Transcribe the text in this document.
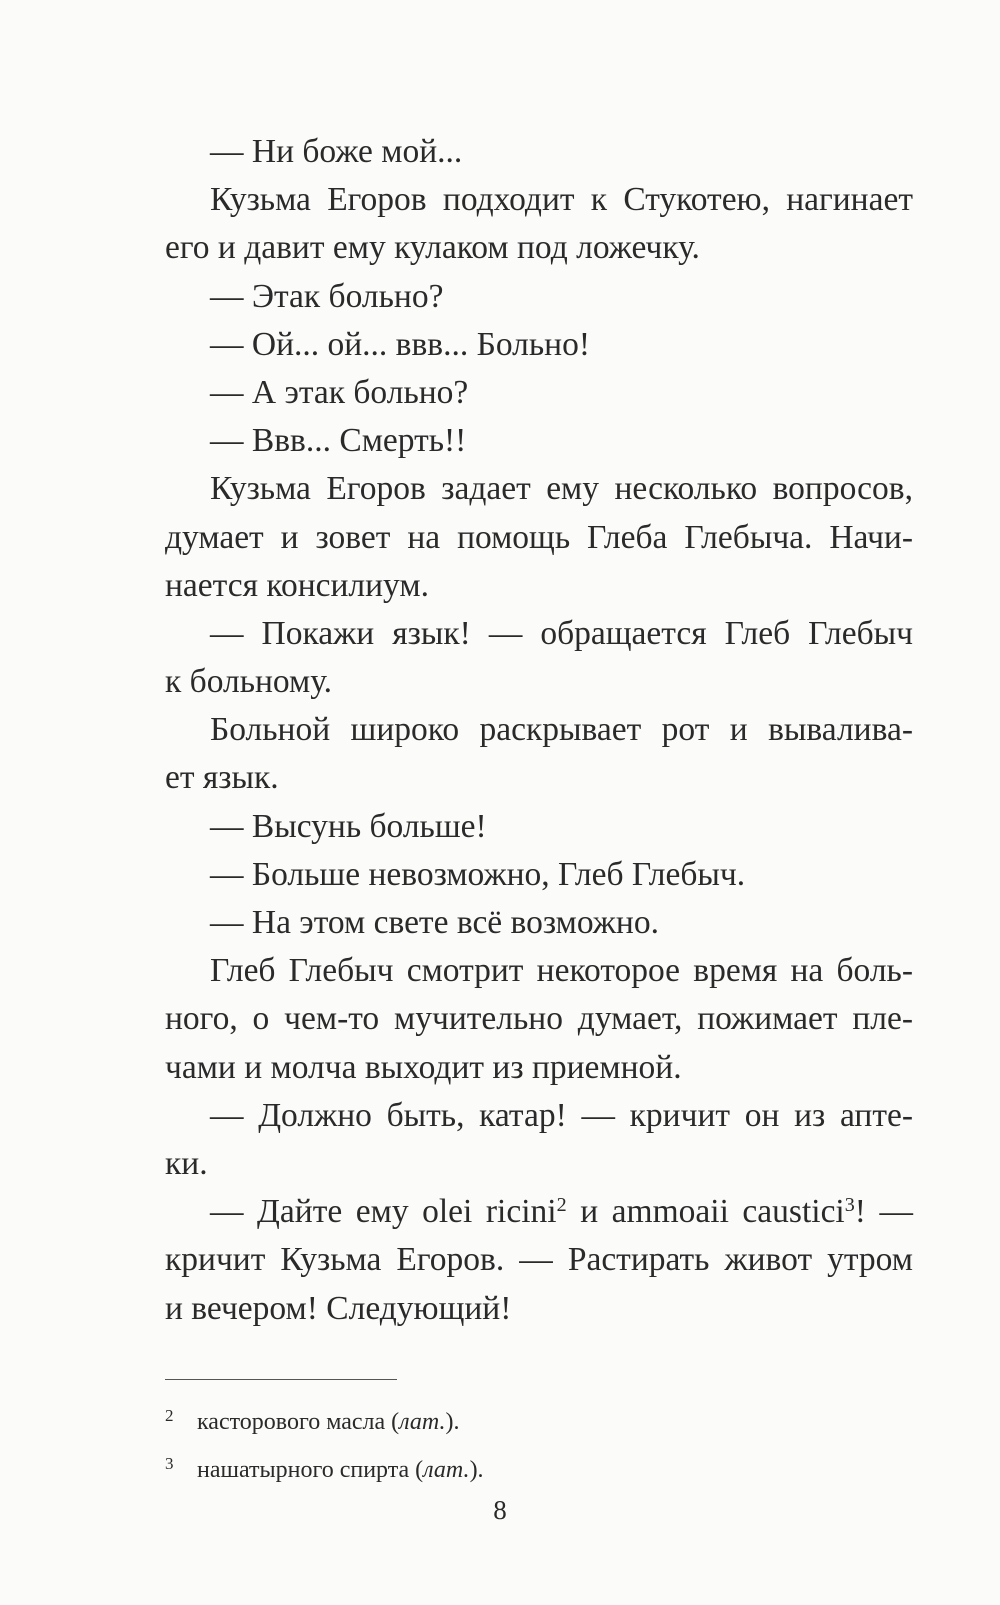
— Ни боже мой...
Кузьма Егоров подходит к Стукотею, нагинает
его и давит ему кулаком под ложечку.
— Этак больно?
— Ой... ой... ввв... Больно!
— А этак больно?
— Ввв... Смерть!!
Кузьма Егоров задает ему несколько вопросов,
думает и зовет на помощь Глеба Глебыча. Начи-
нается консилиум.
— Покажи язык! — обращается Глеб Глебыч
к больному.
Больной широко раскрывает рот и вывалива-
ет язык.
— Высунь больше!
— Больше невозможно, Глеб Глебыч.
— На этом свете всё возможно.
Глеб Глебыч смотрит некоторое время на боль-
ного, о чем-то мучительно думает, пожимает пле-
чами и молча выходит из приемной.
— Должно быть, катар! — кричит он из апте-
ки.
— Дайте ему olei ricini$^2$ и ammoaii caustici$^3$! —
кричит Кузьма Егоров. — Растирать живот утром
и вечером! Следующий!
2 касторового масла (лат.).
3 нашатырного спирта (лат.).
8
